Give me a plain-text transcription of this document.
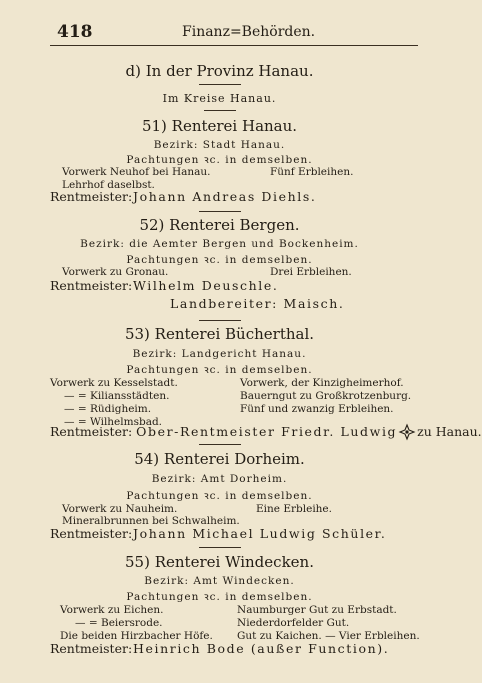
418	Finanz=Behörden.
d) In der Provinz Hanau.
Im Kreise Hanau.
51) Renterei Hanau.
Bezirk: Stadt Hanau.
Pachtungen ꝛc. in demselben.
Vorwerk Neuhof bei Hanau.	Fünf Erbleihen.
Lehrhof daselbst.
Rentmeister: Johann Andreas Diehls.
52) Renterei Bergen.
Bezirk: die Aemter Bergen und Bockenheim.
Pachtungen ꝛc. in demselben.
Vorwerk zu Gronau.	Drei Erbleihen.
Rentmeister: Wilhelm Deuschle.
Landbereiter: Maisch.
53) Renterei Bücherthal.
Bezirk: Landgericht Hanau.
Pachtungen ꝛc. in demselben.
Vorwerk zu Kesselstadt.	Vorwerk, der Kinzigheimerhof.
— = Kiliansstädten.	Bauerngut zu Großkrotzenburg.
— = Rüdigheim.	Fünf und zwanzig Erbleihen.
— = Wilhelmsbad.
Rentmeister: Ober-Rentmeister Friedr. Ludwig zu Hanau.
54) Renterei Dorheim.
Bezirk: Amt Dorheim.
Pachtungen ꝛc. in demselben.
Vorwerk zu Nauheim.	Eine Erbleihe.
Mineralbrunnen bei Schwalheim.
Rentmeister: Johann Michael Ludwig Schüler.
55) Renterei Windecken.
Bezirk: Amt Windecken.
Pachtungen ꝛc. in demselben.
Vorwerk zu Eichen.	Naumburger Gut zu Erbstadt.
— = Beiersrode.	Niederdorfelder Gut.
Die beiden Hirzbacher Höfe. Gut zu Kaichen. — Vier Erbleihen.
Rentmeister: Heinrich Bode (außer Function).
